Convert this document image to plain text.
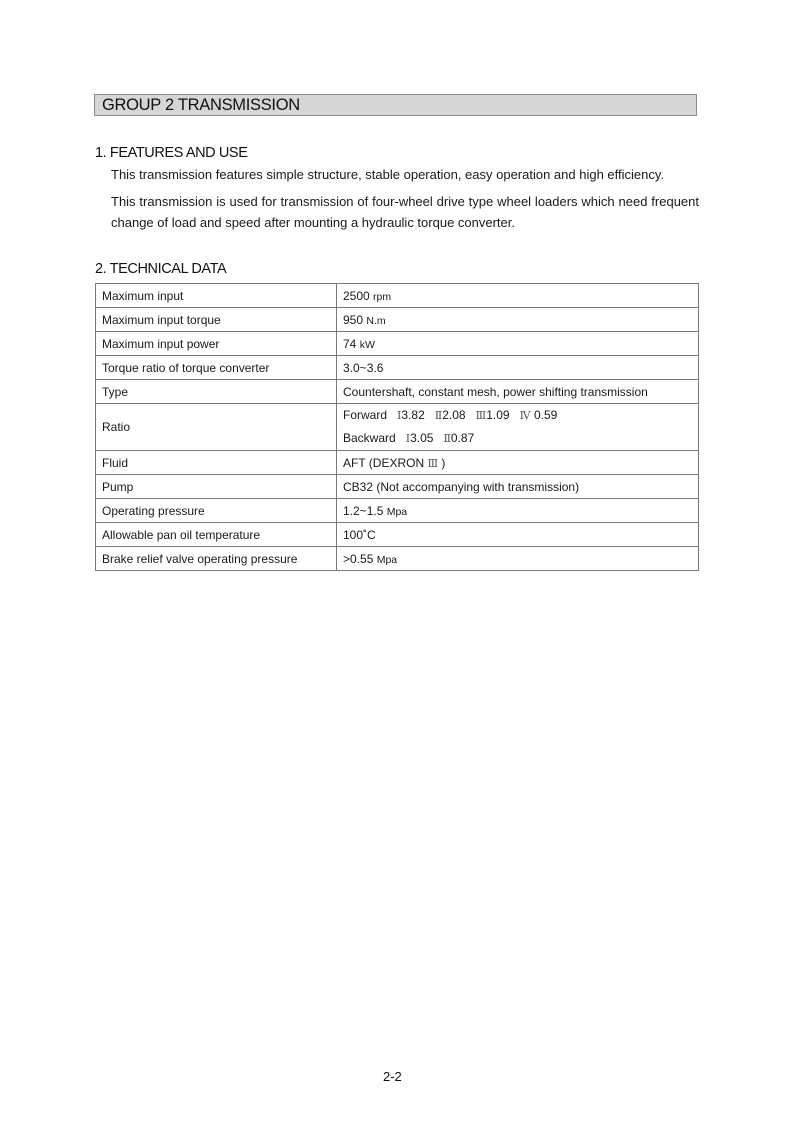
GROUP 2 TRANSMISSION
1. FEATURES AND USE

This transmission features simple structure, stable operation, easy operation and high efficiency.

This transmission is used for transmission of four-wheel drive type wheel loaders which need frequent change of load and speed after mounting a hydraulic torque converter.

2. TECHNICAL DATA
Maximum input	2500 rpm
Maximum input torque	950 N.m
Maximum input power	74 kW
Torque ratio of torque converter	3.0~3.6
Type	Countershaft, constant mesh, power shifting transmission
Ratio	Forward Ⅰ3.82 Ⅱ2.08 Ⅲ1.09 Ⅳ 0.59
Backward Ⅰ3.05 Ⅱ0.87

Fluid	AFT (DEXRON Ⅲ )
Pump	CB32 (Not accompanying with transmission)
Operating pressure	1.2~1.5 Mpa
Allowable pan oil temperature	100˚C
Brake relief valve operating pressure	>0.55 Mpa
2-2
